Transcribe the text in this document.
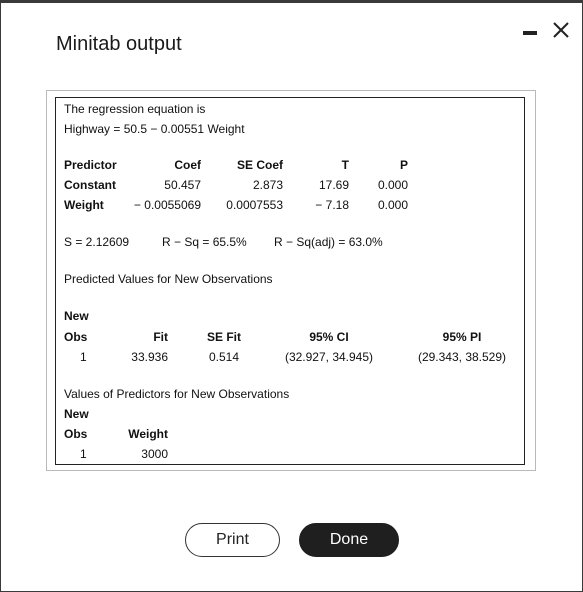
Minitab output
The regression equation is
Highway = 50.5 − 0.00551 Weight
Predictor	Coef	SE Coef	T	P
Constant	50.457	2.873	17.69	0.000
Weight	− 0.0055069	0.0007553	− 7.18	0.000
S = 2.12609	R − Sq = 65.5% R − Sq(adj) = 63.0%
Predicted Values for New Observations
New
Obs	Fit	SE Fit	95% CI	95% PI
1	33.936	0.514	(32.927, 34.945)	(29.343, 38.529)
Values of Predictors for New Observations
New
Obs	Weight
1	3000
Print	Done
